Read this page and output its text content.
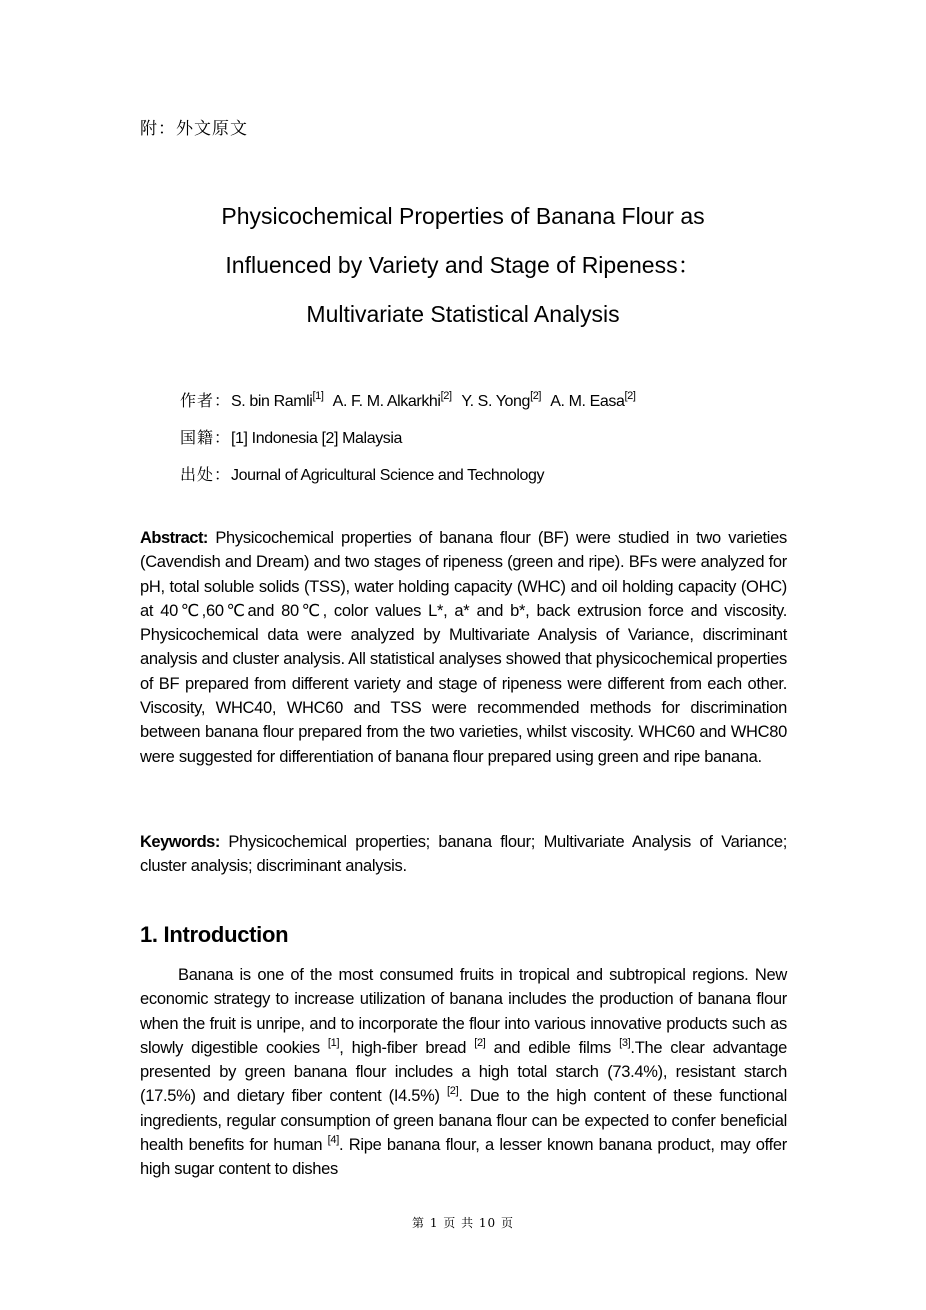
附：外文原文
Physicochemical Properties of Banana Flour as
Influenced by Variety and Stage of Ripeness：
Multivariate Statistical Analysis
作者：S. bin Ramli[1] A. F. M. Alkarkhi[2] Y. S. Yong[2] A. M. Easa[2]
国籍：[1] Indonesia [2] Malaysia
出处：Journal of Agricultural Science and Technology
Abstract: Physicochemical properties of banana flour (BF) were studied in two varieties (Cavendish and Dream) and two stages of ripeness (green and ripe). BFs were analyzed for pH, total soluble solids (TSS), water holding capacity (WHC) and oil holding capacity (OHC) at 40℃,60℃and 80℃, color values L*, a* and b*, back extrusion force and viscosity. Physicochemical data were analyzed by Multivariate Analysis of Variance, discriminant analysis and cluster analysis. All statistical analyses showed that physicochemical properties of BF prepared from different variety and stage of ripeness were different from each other. Viscosity, WHC40, WHC60 and TSS were recommended methods for discrimination between banana flour prepared from the two varieties, whilst viscosity. WHC60 and WHC80 were suggested for differentiation of banana flour prepared using green and ripe banana.
Keywords: Physicochemical properties; banana flour; Multivariate Analysis of Variance; cluster analysis; discriminant analysis.
1. Introduction
Banana is one of the most consumed fruits in tropical and subtropical regions. New economic strategy to increase utilization of banana includes the production of banana flour when the fruit is unripe, and to incorporate the flour into various innovative products such as slowly digestible cookies [1], high-fiber bread [2] and edible films [3].The clear advantage presented by green banana flour includes a high total starch (73.4%), resistant starch (17.5%) and dietary fiber content (I4.5%) [2]. Due to the high content of these functional ingredients, regular consumption of green banana flour can be expected to confer beneficial health benefits for human [4]. Ripe banana flour, a lesser known banana product, may offer high sugar content to dishes
第 1 页 共 10 页
